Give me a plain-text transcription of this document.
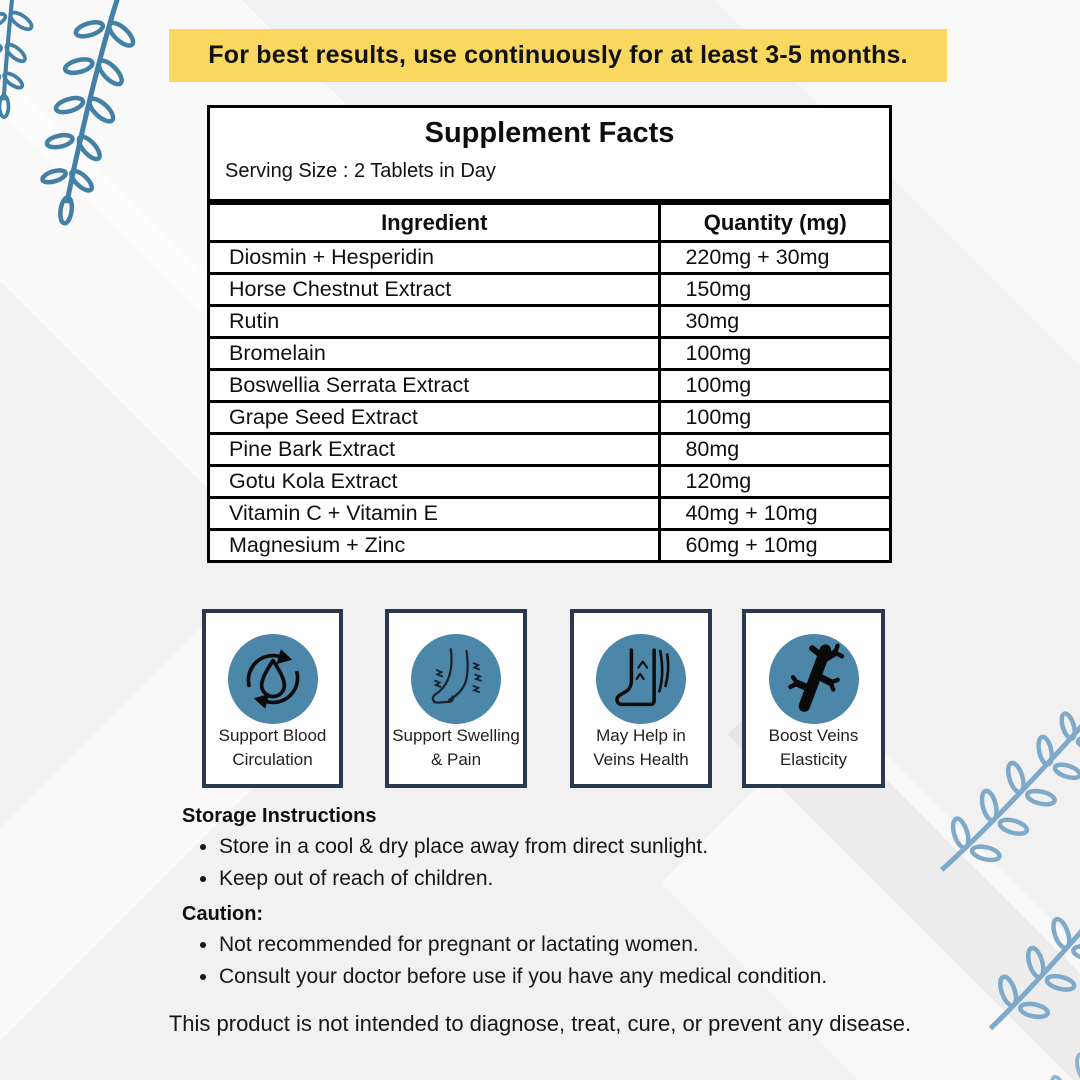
For best results, use continuously for at least 3-5 months.
Supplement Facts
Serving Size : 2 Tablets in Day
Ingredient	Quantity (mg)
Diosmin + Hesperidin	220mg + 30mg
Horse Chestnut Extract	150mg
Rutin	30mg
Bromelain	100mg
Boswellia Serrata Extract	100mg
Grape Seed Extract	100mg
Pine Bark Extract	80mg
Gotu Kola Extract	120mg
Vitamin C + Vitamin E	40mg + 10mg
Magnesium + Zinc	60mg + 10mg
Support Blood Circulation
Support Swelling & Pain
May Help in Veins Health
Boost Veins Elasticity
Storage Instructions
• Store in a cool & dry place away from direct sunlight.
• Keep out of reach of children.
Caution:
• Not recommended for pregnant or lactating women.
• Consult your doctor before use if you have any medical condition.
This product is not intended to diagnose, treat, cure, or prevent any disease.
